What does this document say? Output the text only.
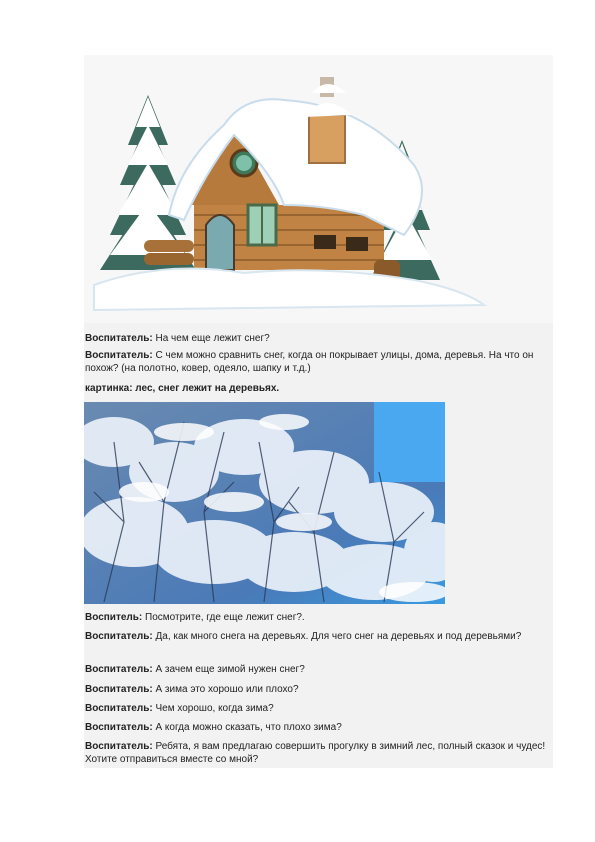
Воспитатель: На чем еще лежит снег?
Воспитатель: С чем можно сравнить снег, когда он покрывает улицы, дома, деревья. На что он похож? (на полотно, ковер, одеяло, шапку и т.д.)
картинка: лес, снег лежит на деревьях.
Воспитель: Посмотрите, где еще лежит снег?.
Воспитатель: Да, как много снега на деревьях. Для чего снег на деревьях и под деревьями?
Воспитатель: А зачем еще зимой нужен снег?
Воспитатель: А зима это хорошо или плохо?
Воспитатель: Чем хорошо, когда зима?
Воспитатель: А когда можно сказать, что плохо зима?
Воспитатель: Ребята, я вам предлагаю совершить прогулку в зимний лес, полный сказок и чудес! Хотите отправиться вместе со мной?
